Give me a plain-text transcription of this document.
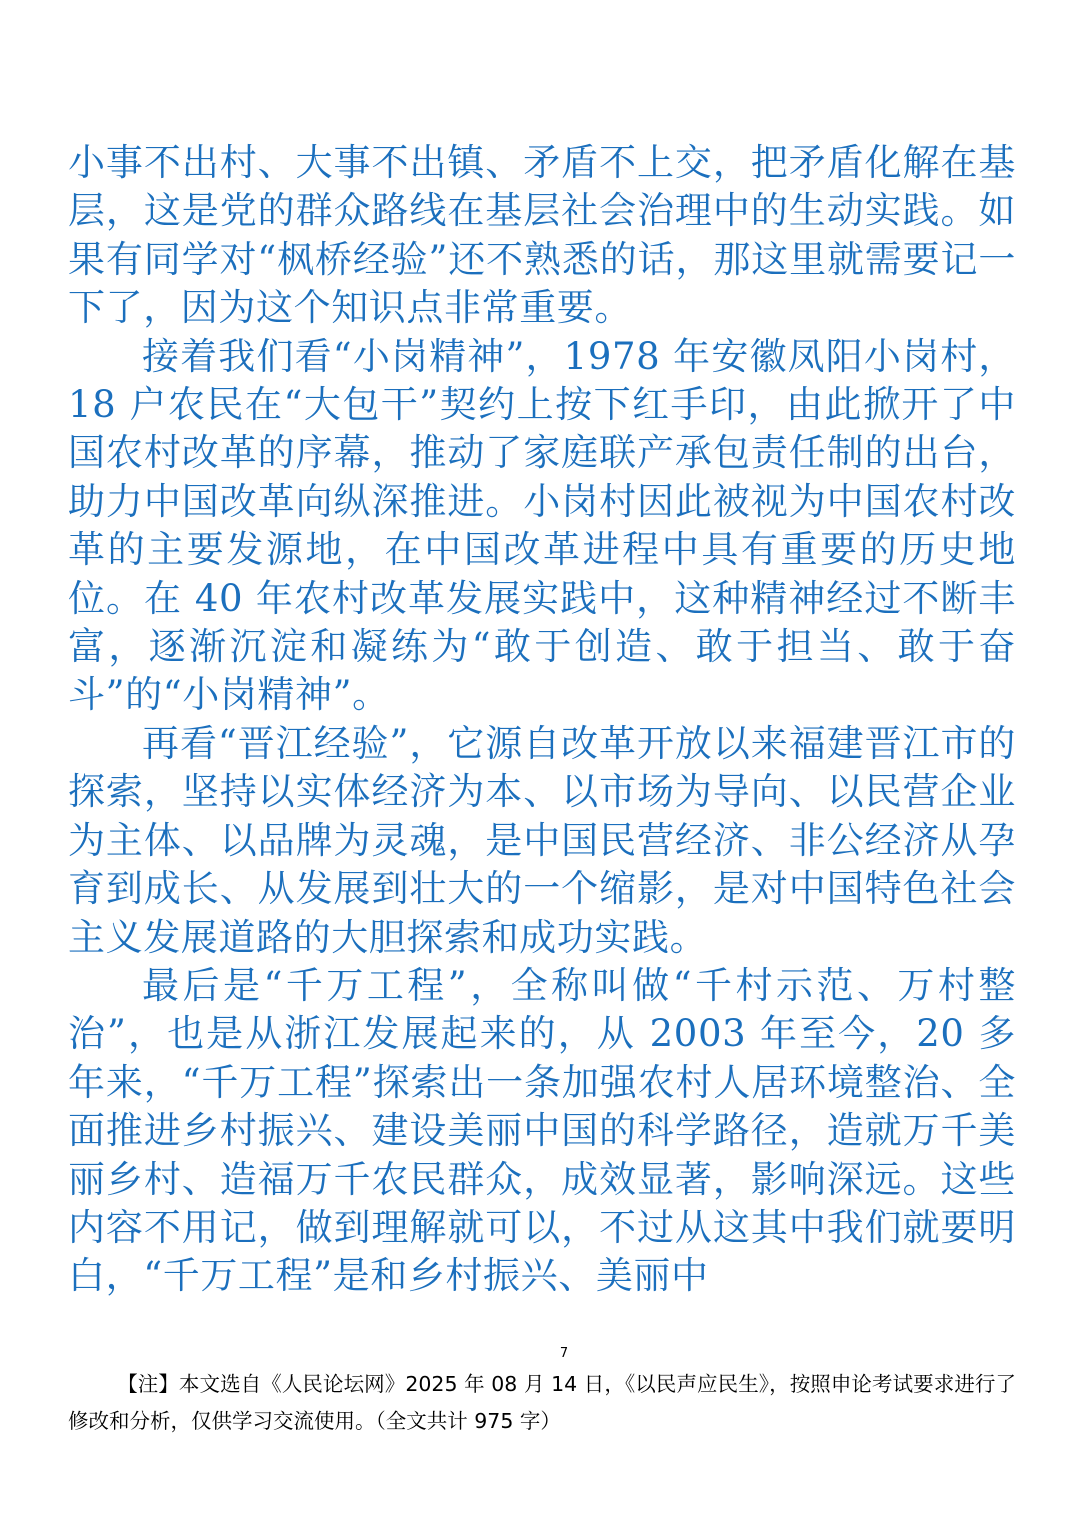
小事不出村、大事不出镇、矛盾不上交，把矛盾化解在基层，这是党的群众路线在基层社会治理中的生动实践。如果有同学对“枫桥经验”还不熟悉的话，那这里就需要记一下了，因为这个知识点非常重要。

接着我们看“小岗精神”，1978 年安徽凤阳小岗村，18 户农民在“大包干”契约上按下红手印，由此掀开了中国农村改革的序幕，推动了家庭联产承包责任制的出台，助力中国改革向纵深推进。小岗村因此被视为中国农村改革的主要发源地，在中国改革进程中具有重要的历史地位。在 40 年农村改革发展实践中，这种精神经过不断丰富，逐渐沉淀和凝练为“敢于创造、敢于担当、敢于奋斗”的“小岗精神”。

再看“晋江经验”，它源自改革开放以来福建晋江市的探索，坚持以实体经济为本、以市场为导向、以民营企业为主体、以品牌为灵魂，是中国民营经济、非公经济从孕育到成长、从发展到壮大的一个缩影，是对中国特色社会主义发展道路的大胆探索和成功实践。

最后是“千万工程”，全称叫做“千村示范、万村整治”，也是从浙江发展起来的，从 2003 年至今，20 多年来，“千万工程”探索出一条加强农村人居环境整治、全面推进乡村振兴、建设美丽中国的科学路径，造就万千美丽乡村、造福万千农民群众，成效显著，影响深远。这些内容不用记，做到理解就可以，不过从这其中我们就要明白，“千万工程”是和乡村振兴、美丽中

7

【注】本文选自《人民论坛网》2025 年 08 月 14 日，《以民声应民生》，按照申论考试要求进行了修改和分析，仅供学习交流使用。（全文共计 975 字）
